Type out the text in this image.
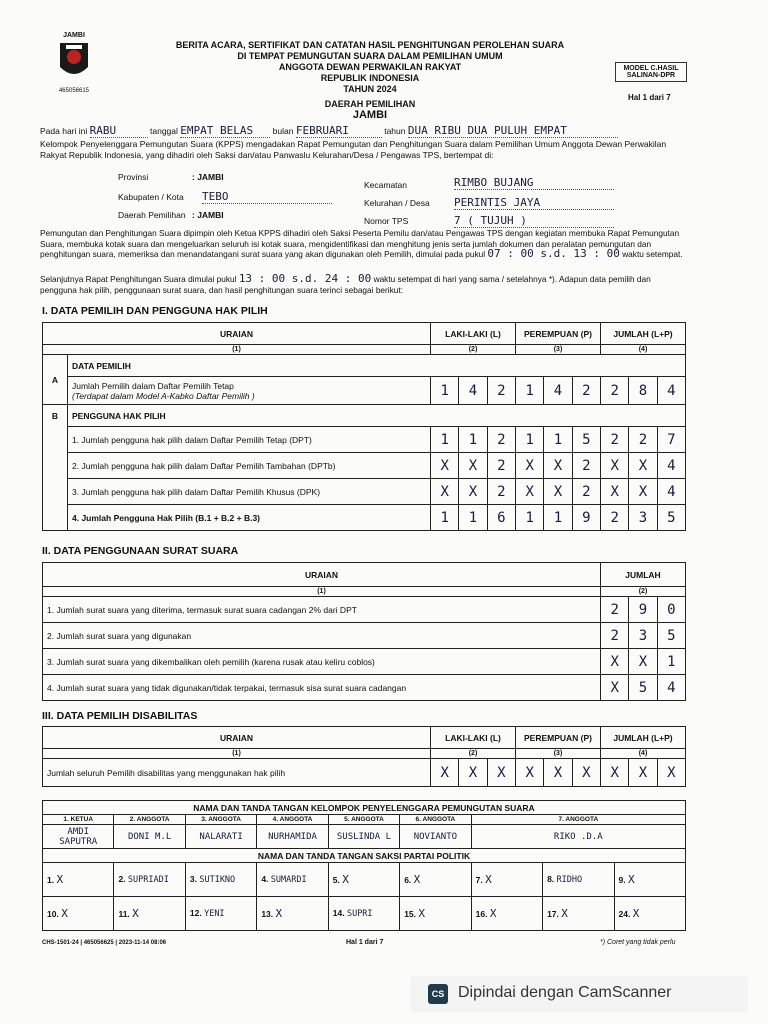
JAMBI
465056615
BERITA ACARA, SERTIFIKAT DAN CATATAN HASIL PENGHITUNGAN PEROLEHAN SUARA
DI TEMPAT PEMUNGUTAN SUARA DALAM PEMILIHAN UMUM
ANGGOTA DEWAN PERWAKILAN RAKYAT
REPUBLIK INDONESIA
TAHUN 2024
DAERAH PEMILIHAN
JAMBI
MODEL C.HASIL SALINAN-DPR
Hal 1 dari 7
Pada hari ini RABU	tanggal EMPAT BELAS bulan FEBRUARI	tahun DUA RIBU DUA PULUH EMPAT
Kelompok Penyelenggara Pemungutan Suara (KPPS) mengadakan Rapat Pemungutan dan Penghitungan Suara dalam Pemilihan Umum Anggota Dewan Perwakilan Rakyat Republik Indonesia, yang dihadiri oleh Saksi dan/atau Panwaslu Kelurahan/Desa / Pengawas TPS, bertempat di:
Provinsi	: JAMBI
Kabupaten / Kota TEBO
Daerah Pemilihan : JAMBI
Kecamatan	RIMBO BUJANG
Kelurahan / Desa PERINTIS JAYA
Nomor TPS	7 ( TUJUH )
Pemungutan dan Penghitungan Suara dipimpin oleh Ketua KPPS dihadiri oleh Saksi Peserta Pemilu dan/atau Pengawas TPS dengan kegiatan membuka Rapat Pemungutan Suara, membuka kotak suara dan mengeluarkan seluruh isi kotak suara, mengidentifikasi dan menghitung jenis serta jumlah dokumen dan peralatan pemungutan dan penghitungan suara, memeriksa dan menandatangani surat suara yang akan digunakan oleh Pemilih, dimulai pada pukul 07 : 00 s.d. 13 : 00 waktu setempat.
Selanjutnya Rapat Penghitungan Suara dimulai pukul 13 : 00 s.d. 24 : 00 waktu setempat di hari yang sama / setelahnya *). Adapun data pemilih dan pengguna hak pilih, penggunaan surat suara, dan hasil penghitungan suara terinci sebagai berikut:
I. DATA PEMILIH DAN PENGGUNA HAK PILIH
URAIAN		LAKI-LAKI (L)			PEREMPUAN (P)			JUMLAH (L+P)		
(1)		(2)			(3)			(4)		
A	DATA PEMILIH									

	Jumlah Pemilih dalam Daftar Pemilih Tetap
(Terdapat dalam Model A-Kabko Daftar Pemilih )	1	4	2	1	4	2	2	8	4
B	PENGGUNA HAK PILIH									
	1. Jumlah pengguna hak pilih dalam Daftar Pemilih Tetap (DPT)	1	1	2	1	1	5	2	2	7
	2. Jumlah pengguna hak pilih dalam Daftar Pemilih Tambahan (DPTb)	X	X	2	X	X	2	X	X	4
	3. Jumlah pengguna hak pilih dalam Daftar Pemilih Khusus (DPK)	X	X	2	X	X	2	X	X	4
	4. Jumlah Pengguna Hak Pilih (B.1 + B.2 + B.3)	1	1	6	1	1	9	2	3	5
II. DATA PENGGUNAAN SURAT SUARA
URAIAN	JUMLAH		
(1)	(2)		
1. Jumlah surat suara yang diterima, termasuk surat suara cadangan 2% dari DPT	2	9	0
2. Jumlah surat suara yang digunakan	2	3	5
3. Jumlah surat suara yang dikembalikan oleh pemilih (karena rusak atau keliru coblos)	X	X	1
4. Jumlah surat suara yang tidak digunakan/tidak terpakai, termasuk sisa surat suara cadangan	X	5	4
III. DATA PEMILIH DISABILITAS
URAIAN	LAKI-LAKI (L)			PEREMPUAN (P)			JUMLAH (L+P)		
(1)	(2)			(3)			(4)		
Jumlah seluruh Pemilih disabilitas yang menggunakan hak pilih	X	X	X	X	X	X	X	X	X
NAMA DAN TANDA TANGAN KELOMPOK PENYELENGGARA PEMUNGUTAN SUARA								
1. KETUA	2. ANGGOTA	3. ANGGOTA	4. ANGGOTA	5. ANGGOTA	6. ANGGOTA	7. ANGGOTA		
AMDI SAPUTRA	DONI M.L	NALARATI	NURHAMIDA	SUSLINDA L	NOVIANTO	RIKO .D.A		
NAMA DAN TANDA TANGAN SAKSI PARTAI POLITIK								
1. X	2. SUPRIADI	3. SUTIKNO	4. SUMARDI	5. X	6. X	7. X	8. RIDHO	9. X
10. X	11. X	12. YENI	13. X	14. SUPRI	15. X	16. X	17. X	24. X
CHS-1501-24 | 465056625 | 2023-11-14 08:06	Hal 1 dari 7	*) Coret yang tidak perlu
CS Dipindai dengan CamScanner
